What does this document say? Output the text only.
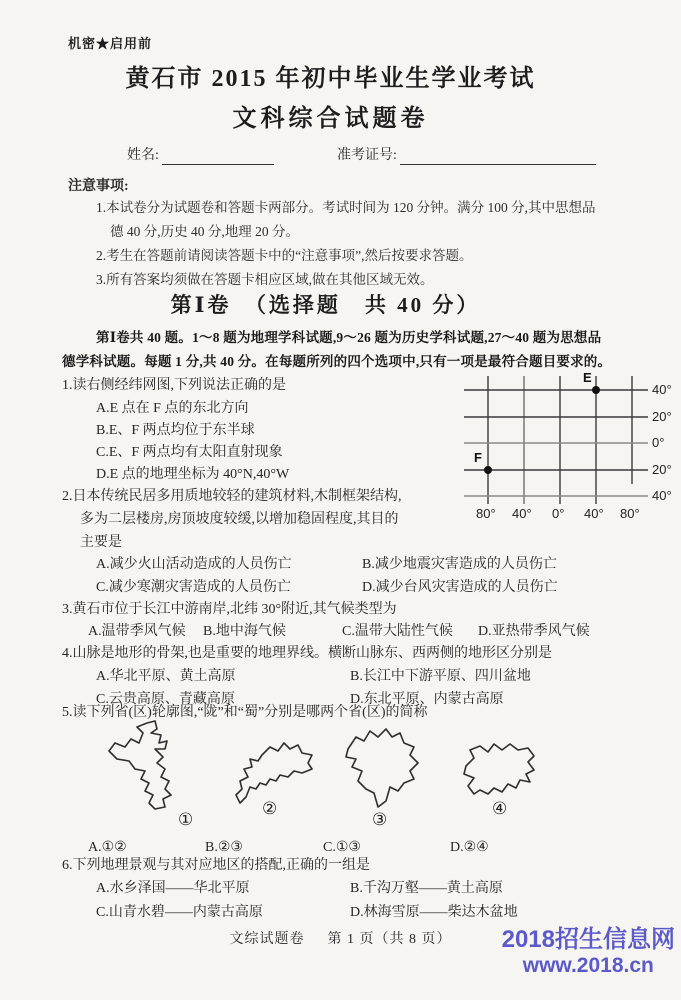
机密★启用前
黄石市 2015 年初中毕业生学业考试
文科综合试题卷
姓名:	准考证号:
注意事项:
1.本试卷分为试题卷和答题卡两部分。考试时间为 120 分钟。满分 100 分,其中思想品
德 40 分,历史 40 分,地理 20 分。
2.考生在答题前请阅读答题卡中的“注意事项”,然后按要求答题。
3.所有答案均须做在答题卡相应区域,做在其他区域无效。
第Ⅰ卷　（选择题　共 40 分）
第Ⅰ卷共 40 题。1～8 题为地理学科试题,9～26 题为历史学科试题,27～40 题为思想品
德学科试题。每题 1 分,共 40 分。在每题所列的四个选项中,只有一项是最符合题目要求的。
1.读右侧经纬网图,下列说法正确的是
A.E 点在 F 点的东北方向
B.E、F 两点均位于东半球
C.E、F 两点均有太阳直射现象
D.E 点的地理坐标为 40°N,40°W
E
F
40°
20°
0°
20°
40°
80° 40° 0° 40° 80°
2.日本传统民居多用质地较轻的建筑材料,木制框架结构,
多为二层楼房,房顶坡度较缓,以增加稳固程度,其目的
主要是
A.减少火山活动造成的人员伤亡	B.减少地震灾害造成的人员伤亡
C.减少寒潮灾害造成的人员伤亡	D.减少台风灾害造成的人员伤亡
3.黄石市位于长江中游南岸,北纬 30°附近,其气候类型为
A.温带季风气候 B.地中海气候	C.温带大陆性气候 D.亚热带季风气候
4.山脉是地形的骨架,也是重要的地理界线。横断山脉东、西两侧的地形区分别是
A.华北平原、黄土高原	B.长江中下游平原、四川盆地
C.云贵高原、青藏高原	D.东北平原、内蒙古高原
5.读下列省(区)轮廓图,“陇”和“蜀”分别是哪两个省(区)的简称
①
②
③
④
A.①②	B.②③	C.①③	D.②④
6.下列地理景观与其对应地区的搭配,正确的一组是
A.水乡泽国——华北平原	B.千沟万壑——黄土高原
C.山青水碧——内蒙古高原	D.林海雪原——柴达木盆地
文综试题卷 第 1 页（共 8 页）	2018招生信息网
www.2018.cn
